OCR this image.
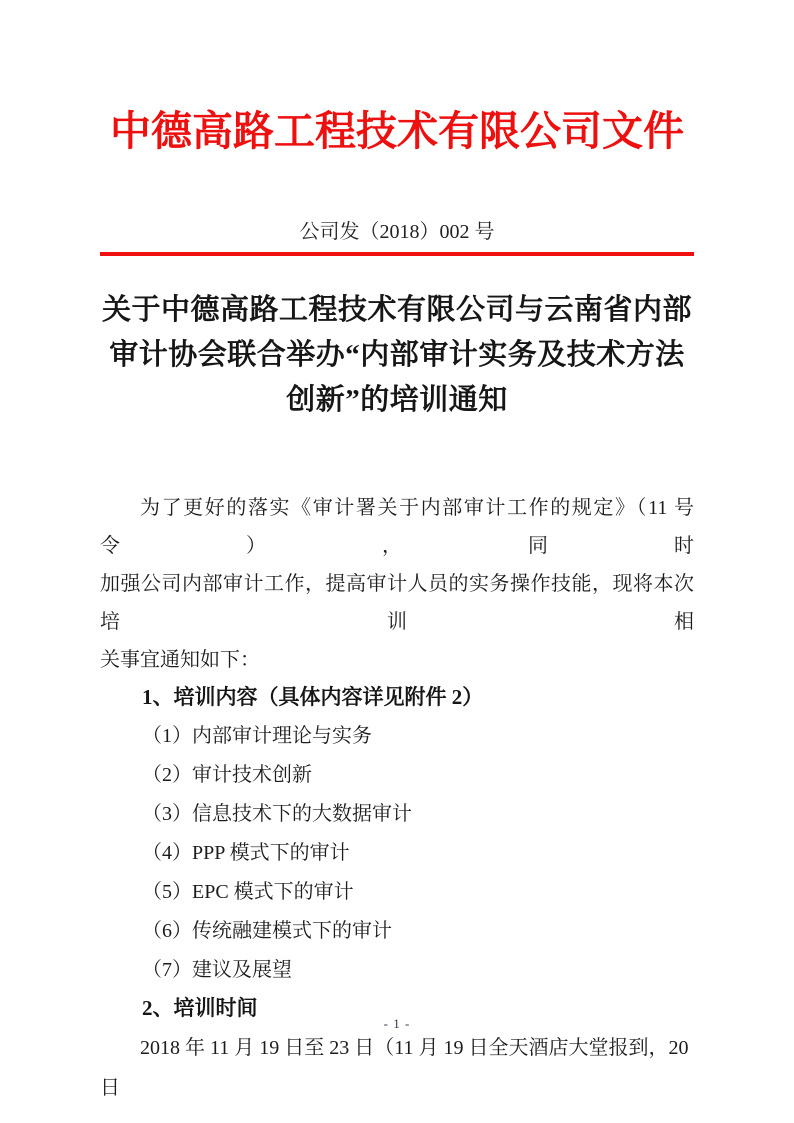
中德高路工程技术有限公司文件
公司发（2018）002 号
关于中德高路工程技术有限公司与云南省内部
审计协会联合举办“内部审计实务及技术方法
创新”的培训通知
为了更好的落实《审计署关于内部审计工作的规定》（11 号令），同时
加强公司内部审计工作，提高审计人员的实务操作技能，现将本次培训相
关事宜通知如下：
1、培训内容（具体内容详见附件 2）
（1）内部审计理论与实务
（2）审计技术创新
（3）信息技术下的大数据审计
（4）PPP 模式下的审计
（5）EPC 模式下的审计
（6）传统融建模式下的审计
（7）建议及展望
2、培训时间
2018 年 11 月 19 日至 23 日（11 月 19 日全天酒店大堂报到，20 日
- 1 -
